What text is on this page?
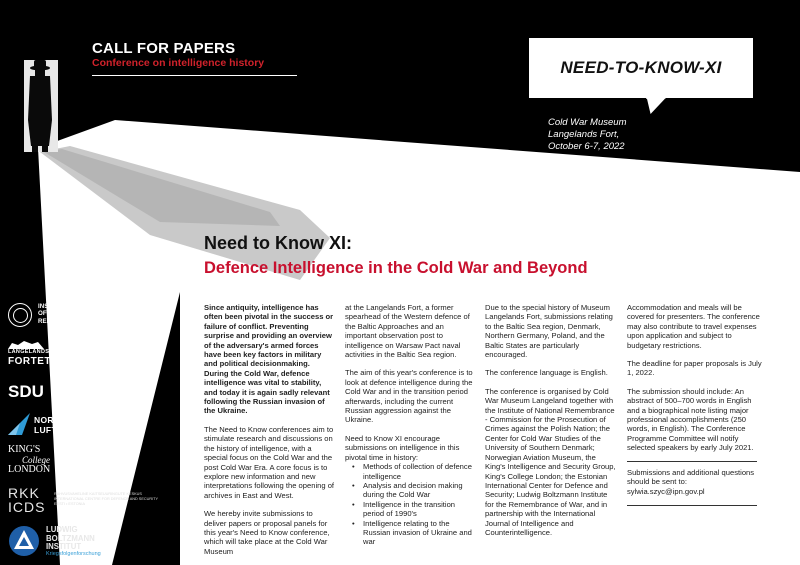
CALL FOR PAPERS
Conference on intelligence history	NEED-TO-KNOW-XI
Cold War Museum
Langelands Fort,
October 6-7, 2022
Need to Know XI:
Defence Intelligence in the Cold War and Beyond

Since antiquity, intelligence has often been pivotal in the success or failure of conflict. Preventing surprise and providing an overview of the adversary's armed forces have been key factors in military and political decisionmaking. During the Cold War, defence intelligence was vital to stability, and today it is again sadly relevant following the Russian invasion of the Ukraine.

The Need to Know conferences aim to stimulate research and discussions on the history of intelligence, with a special focus on the Cold War and the post Cold War Era. A core focus is to explore new information and new interpretations following the opening of archives in East and West.

We hereby invite submissions to deliver papers or proposal panels for this year's Need to Know conference, which will take place at the Cold War Museum

at the Langelands Fort, a former spearhead of the Western defence of the Baltic Approaches and an important observation post to intelligence on Warsaw Pact naval activities in the Baltic Sea region.

The aim of this year's conference is to look at defence intelligence during the Cold War and in the transition period afterwards, including the current Russian aggression against the Ukraine.

Need to Know XI encourage submissions on intelligence in this pivotal time in history:

• Methods of collection of defence intelligence
• Analysis and decision making during the Cold War
• Intelligence in the transition period of 1990's
• Intelligence relating to the Russian invasion of Ukraine and war

Due to the special history of Museum Langelands Fort, submissions relating to the Baltic Sea region, Denmark, Northern Germany, Poland, and the Baltic States are particularly encouraged.

The conference language is English.

The conference is organised by Cold War Museum Langeland together with the Institute of National Remembrance - Commission for the Prosecution of Crimes against the Polish Nation; the Center for Cold War Studies of the University of Southern Denmark; Norwegian Aviation Museum, the King's Intelligence and Security Group, King's College London; the Estonian International Center for Defence and Security; Ludwig Boltzmann Institute for the Remembrance of War, and in partnership with the International Journal of Intelligence and Counterintelligence.

Accommodation and meals will be covered for presenters. The conference may also contribute to travel expenses upon application and subject to budgetary restrictions.

The deadline for paper proposals is July 1, 2022.

The submission should include: An abstract of 500–700 words in English and a biographical note listing major professional accomplishments (250 words, in English). The Conference Programme Committee will notify selected speakers by early July 2021.

Submissions and additional questions should be sent to:

sylwia.szyc@ipn.gov.pl

INSTITUTE
OF NATIONAL
REMEMBRANCE
LANGELANDS
FORTET
SDU
NORSK
LUFTFARTSMUSEUM
KING'S
College
LONDON
RKK
ICDS
RAHVUSVAHELINE KAITSEUURINGUTE KESKUS
INTERNATIONAL CENTRE FOR DEFENCE AND SECURITY
EESTI • ESTONIA
LUDWIG
BOLTZMANN
INSTITUT
Kriegsfolgenforschung
